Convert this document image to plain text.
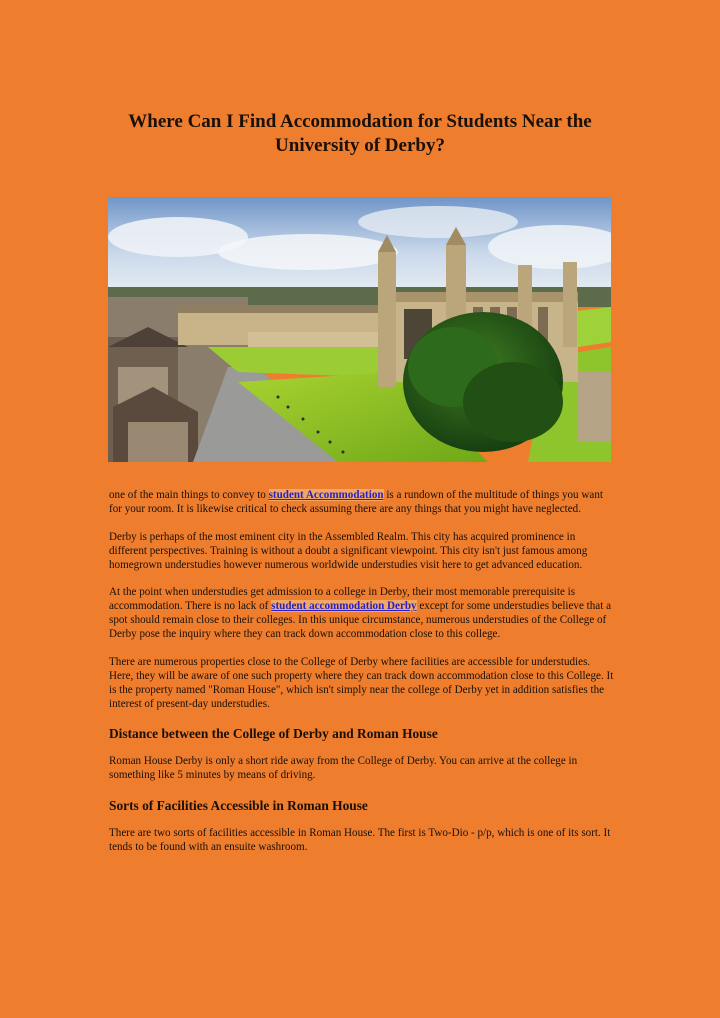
Where Can I Find Accommodation for Students Near the University of Derby?

one of the main things to convey to student Accommodation is a rundown of the multitude of things you want for your room. It is likewise critical to check assuming there are any things that you might have neglected.

Derby is perhaps of the most eminent city in the Assembled Realm. This city has acquired prominence in different perspectives. Training is without a doubt a significant viewpoint. This city isn't just famous among homegrown understudies however numerous worldwide understudies visit here to get advanced education.

At the point when understudies get admission to a college in Derby, their most memorable prerequisite is accommodation. There is no lack of student accommodation Derby except for some understudies believe that a spot should remain close to their colleges. In this unique circumstance, numerous understudies of the College of Derby pose the inquiry where they can track down accommodation close to this college.

There are numerous properties close to the College of Derby where facilities are accessible for understudies. Here, they will be aware of one such property where they can track down accommodation close to this College. It is the property named "Roman House", which isn't simply near the college of Derby yet in addition satisfies the interest of present-day understudies.

Distance between the College of Derby and Roman House

Roman House Derby is only a short ride away from the College of Derby. You can arrive at the college in something like 5 minutes by means of driving.

Sorts of Facilities Accessible in Roman House

There are two sorts of facilities accessible in Roman House. The first is Two-Dio - p/p, which is one of its sort. It tends to be found with an ensuite washroom.
